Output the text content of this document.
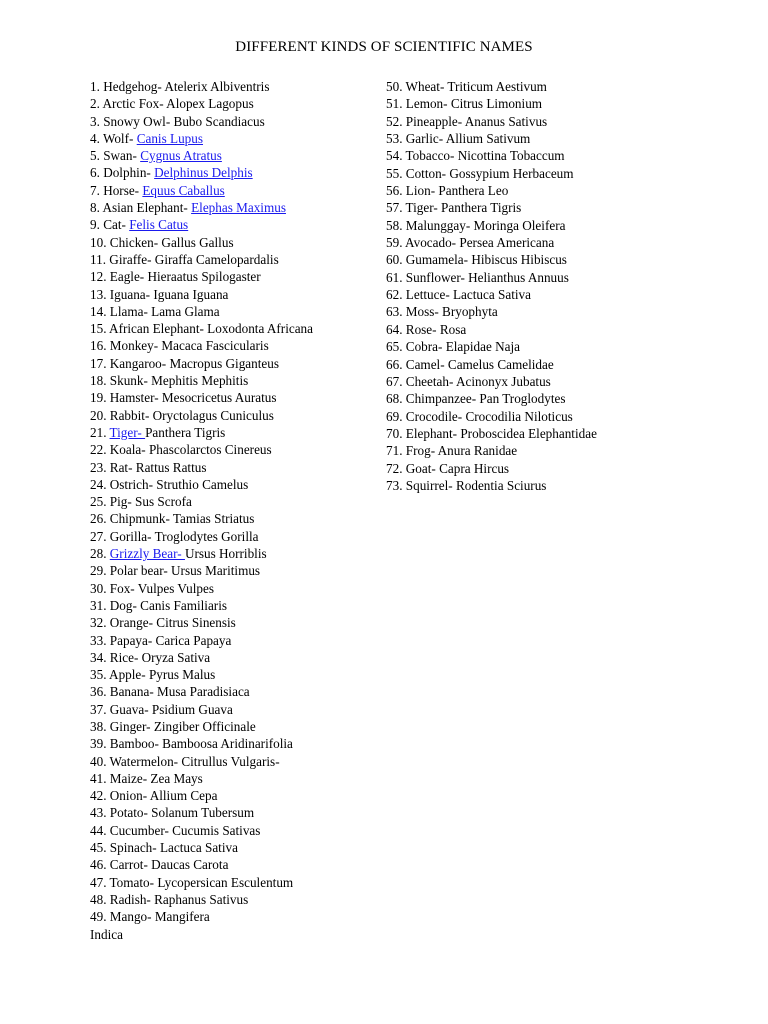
DIFFERENT KINDS OF SCIENTIFIC NAMES
1. Hedgehog- Atelerix Albiventris
2. Arctic Fox- Alopex Lagopus
3. Snowy Owl- Bubo Scandiacus
4. Wolf- Canis Lupus
5. Swan- Cygnus Atratus
6. Dolphin- Delphinus Delphis
7. Horse- Equus Caballus
8. Asian Elephant- Elephas Maximus
9. Cat- Felis Catus
10. Chicken- Gallus Gallus
11. Giraffe- Giraffa Camelopardalis
12. Eagle- Hieraatus Spilogaster
13. Iguana- Iguana Iguana
14. Llama- Lama Glama
15. African Elephant- Loxodonta Africana
16. Monkey- Macaca Fascicularis
17. Kangaroo- Macropus Giganteus
18. Skunk- Mephitis Mephitis
19. Hamster- Mesocricetus Auratus
20. Rabbit- Oryctolagus Cuniculus
21. Tiger- Panthera Tigris
22. Koala- Phascolarctos Cinereus
23. Rat- Rattus Rattus
24. Ostrich- Struthio Camelus
25. Pig- Sus Scrofa
26. Chipmunk- Tamias Striatus
27. Gorilla- Troglodytes Gorilla
28. Grizzly Bear- Ursus Horriblis
29. Polar bear- Ursus Maritimus
30. Fox- Vulpes Vulpes
31. Dog- Canis Familiaris
32. Orange- Citrus Sinensis
33. Papaya- Carica Papaya
34. Rice- Oryza Sativa
35. Apple- Pyrus Malus
36. Banana- Musa Paradisiaca
37. Guava- Psidium Guava
38. Ginger- Zingiber Officinale
39. Bamboo- Bamboosa Aridinarifolia
40. Watermelon- Citrullus Vulgaris-
41. Maize- Zea Mays
42. Onion- Allium Cepa
43. Potato- Solanum Tubersum
44. Cucumber- Cucumis Sativas
45. Spinach- Lactuca Sativa
46. Carrot- Daucas Carota
47. Tomato- Lycopersican Esculentum
48. Radish- Raphanus Sativus
49. Mango- Mangifera
Indica
50. Wheat- Triticum Aestivum
51. Lemon- Citrus Limonium
52. Pineapple- Ananus Sativus
53. Garlic- Allium Sativum
54. Tobacco- Nicottina Tobaccum
55. Cotton- Gossypium Herbaceum
56. Lion- Panthera Leo
57. Tiger- Panthera Tigris
58. Malunggay- Moringa Oleifera
59. Avocado- Persea Americana
60. Gumamela- Hibiscus Hibiscus
61. Sunflower- Helianthus Annuus
62. Lettuce- Lactuca Sativa
63. Moss- Bryophyta
64. Rose- Rosa
65. Cobra- Elapidae Naja
66. Camel- Camelus Camelidae
67. Cheetah- Acinonyx Jubatus
68. Chimpanzee- Pan Troglodytes
69. Crocodile- Crocodilia Niloticus
70. Elephant- Proboscidea Elephantidae
71. Frog- Anura Ranidae
72. Goat- Capra Hircus
73. Squirrel- Rodentia Sciurus
